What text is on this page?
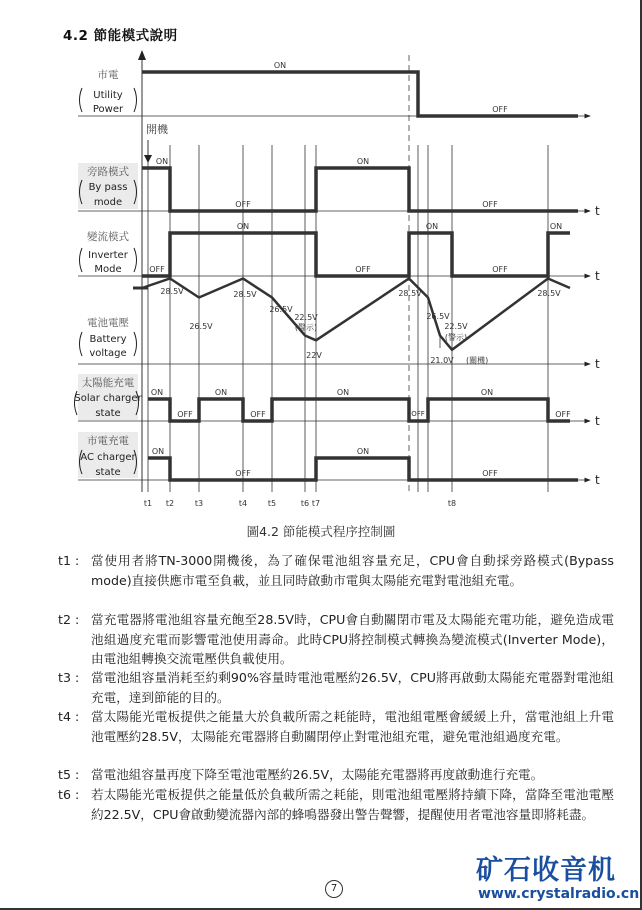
4.2 節能模式說明
開機
t1 t2	t3	t4	t5	t6 t7	t8
市電
Utility
Power
旁路模式
By pass
mode
t
變流模式
Inverter
Mode	t
電池電壓
Battery
voltage
t
太陽能充電
Solar charger
state
t
市電充電
AC charger
state
t
ON
OFF
ON
OFF
ON
OFF
OFF
ON
OFF
ON
OFF
ON
28.5V
26.5V
28.5V
26.5V
22.5V
(警示)
22V
28.5V
26.5V
22.5V
(警示)
21.0V (關機)
28.5V
ON
OFF
ON
OFF
ON
OFF
ON
OFF
ON
OFF
ON
OFF
圖4.2 節能模式程序控制圖
t1 : 當使用者將TN-3000開機後，為了確保電池組容量充足，CPU會自動採旁路模式(Bypass mode)直接供應市電至負載，並且同時啟動市電與太陽能充電對電池組充電。
t2 : 當充電器將電池組容量充飽至28.5V時，CPU會自動關閉市電及太陽能充電功能，避免造成電池組過度充電而影響電池使用壽命。此時CPU將控制模式轉換為變流模式(Inverter Mode)，由電池組轉換交流電壓供負載使用。
t3 : 當電池組容量消耗至約剩90%容量時電池電壓約26.5V，CPU將再啟動太陽能充電器對電池組充電，達到節能的目的。
t4 : 當太陽能光電板提供之能量大於負載所需之耗能時，電池組電壓會緩緩上升，當電池組上升電池電壓約28.5V，太陽能充電器將自動關閉停止對電池組充電，避免電池組過度充電。
t5 : 當電池組容量再度下降至電池電壓約26.5V，太陽能充電器將再度啟動進行充電。
t6 : 若太陽能光電板提供之能量低於負載所需之耗能，則電池組電壓將持續下降，當降至電池電壓約22.5V，CPU會啟動變流器內部的蜂鳴器發出警告聲響，提醒使用者電池容量即將耗盡。
7
矿石收音机
www.crystalradio.cn
